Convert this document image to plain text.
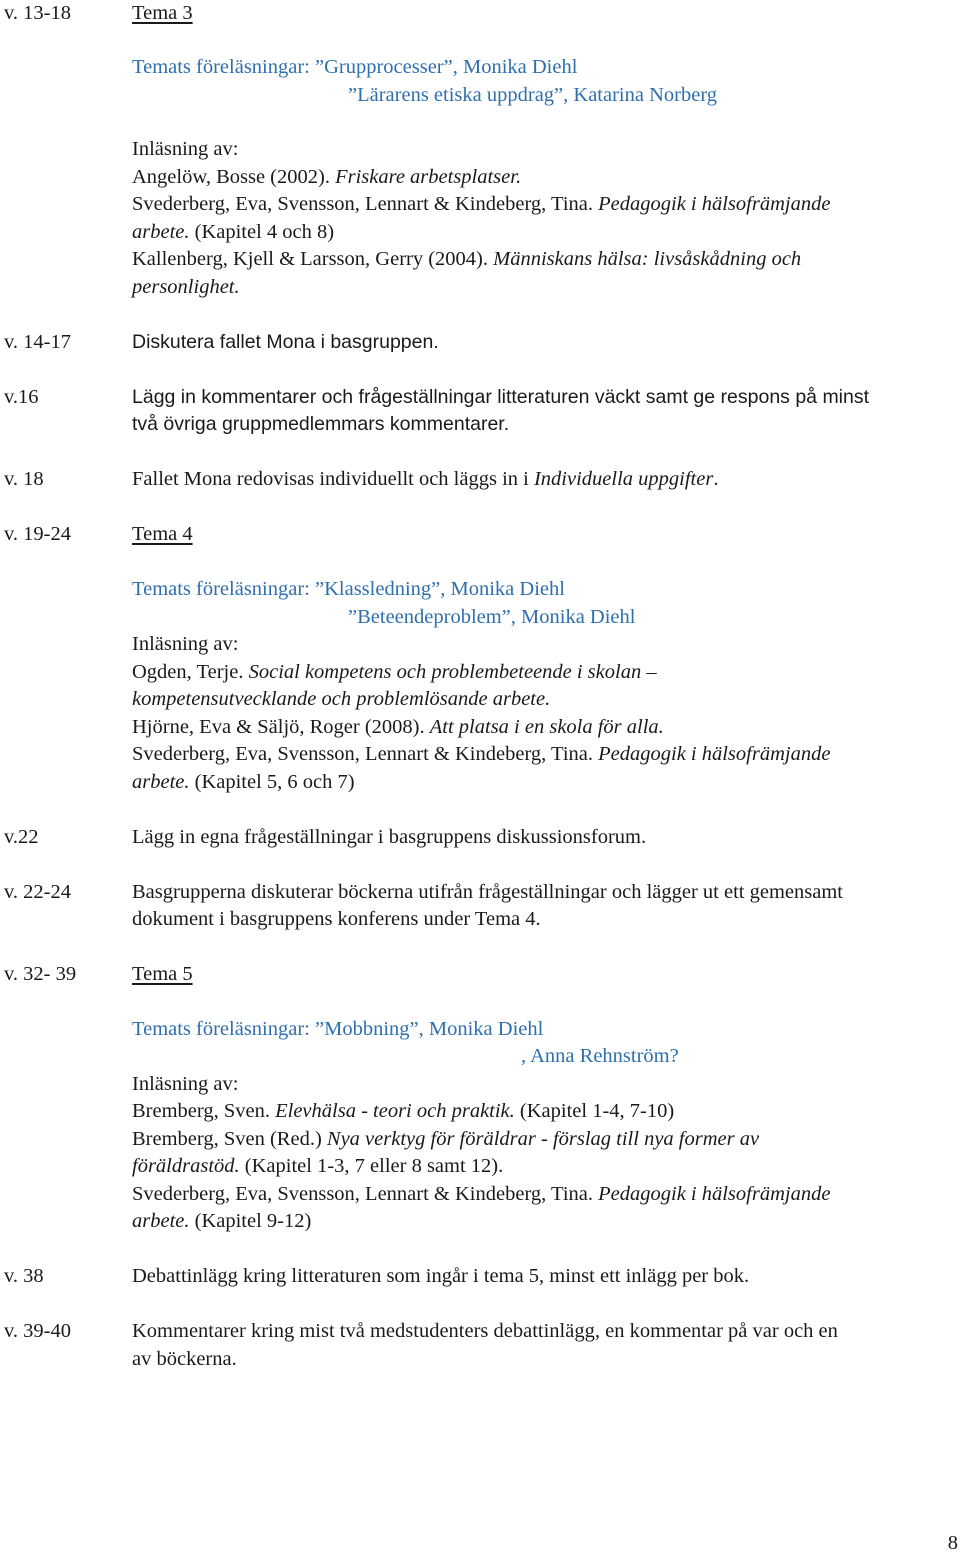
v. 13-18	Tema 3
Temats föreläsningar: ”Grupprocesser”, Monika Diehl
”Lärarens etiska uppdrag”, Katarina Norberg
Inläsning av:
Angelöw, Bosse (2002). Friskare arbetsplatser.
Svederberg, Eva, Svensson, Lennart & Kindeberg, Tina. Pedagogik i hälsofrämjande
arbete. (Kapitel 4 och 8)
Kallenberg, Kjell & Larsson, Gerry (2004). Människans hälsa: livsåskådning och
personlighet.
v. 14-17	Diskutera fallet Mona i basgruppen.
v.16	Lägg in kommentarer och frågeställningar litteraturen väckt samt ge respons på minst
två övriga gruppmedlemmars kommentarer.
v. 18	Fallet Mona redovisas individuellt och läggs in i Individuella uppgifter.
v. 19-24	Tema 4
Temats föreläsningar: ”Klassledning”, Monika Diehl
”Beteendeproblem”, Monika Diehl
Inläsning av:
Ogden, Terje. Social kompetens och problembeteende i skolan –
kompetensutvecklande och problemlösande arbete.
Hjörne, Eva & Säljö, Roger (2008). Att platsa i en skola för alla.
Svederberg, Eva, Svensson, Lennart & Kindeberg, Tina. Pedagogik i hälsofrämjande
arbete. (Kapitel 5, 6 och 7)
v.22	Lägg in egna frågeställningar i basgruppens diskussionsforum.
v. 22-24	Basgrupperna diskuterar böckerna utifrån frågeställningar och lägger ut ett gemensamt
dokument i basgruppens konferens under Tema 4.
v. 32- 39	Tema 5
Temats föreläsningar: ”Mobbning”, Monika Diehl
, Anna Rehnström?
Inläsning av:
Bremberg, Sven. Elevhälsa - teori och praktik. (Kapitel 1-4, 7-10)
Bremberg, Sven (Red.) Nya verktyg för föräldrar - förslag till nya former av
föräldrastöd. (Kapitel 1-3, 7 eller 8 samt 12).
Svederberg, Eva, Svensson, Lennart & Kindeberg, Tina. Pedagogik i hälsofrämjande
arbete. (Kapitel 9-12)
v. 38	Debattinlägg kring litteraturen som ingår i tema 5, minst ett inlägg per bok.
v. 39-40	Kommentarer kring mist två medstudenters debattinlägg, en kommentar på var och en
av böckerna.
8
